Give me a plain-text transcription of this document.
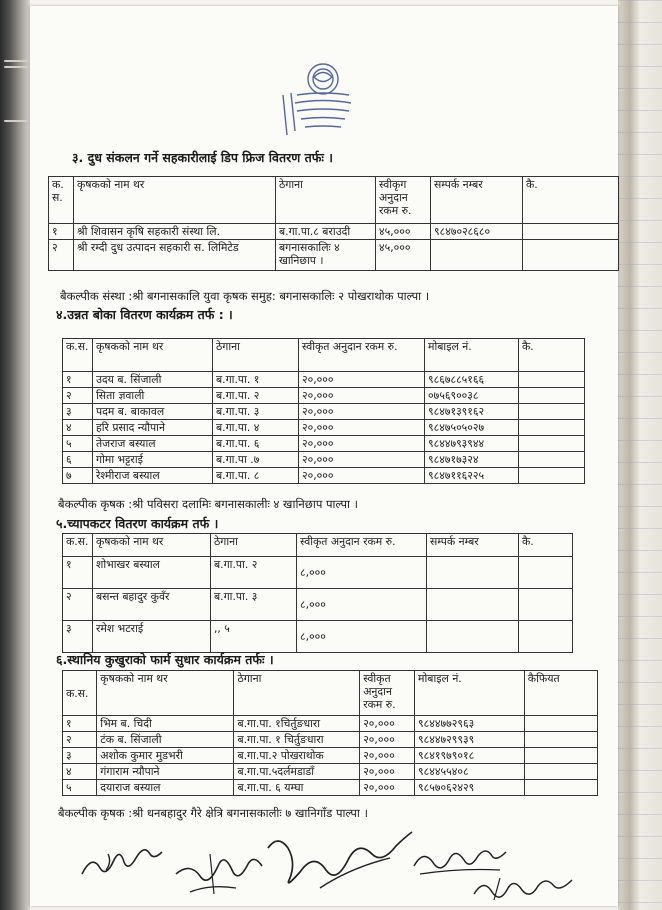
३. दुध संकलन गर्ने सहकारीलाई डिप फ्रिज वितरण तर्फः ।
क. स.	कृषकको नाम थर	ठेगाना	स्वीकृग अनुदान रकम रु.	सम्पर्क नम्बर	कै.
१	श्री शिवासन कृषि सहकारी संस्था लि.	ब.गा.पा.८ बराउदी	४५,०००	९८४७०२८६८०	
२	श्री रम्दी दुध उत्पादन सहकारी स. लिमिटेड	बगनासकालिः ४ खानिछाप ।	४५,०००		
बैकल्पीक संस्था :श्री बगनासकालि युवा कृषक समुह: बगनासकालिः २ पोखराथोक पाल्पा ।
४.उन्नत बोका वितरण कार्यक्रम तर्फ : ।
क.स.	कृषकको नाम थर	ठेगाना	स्वीकृत अनुदान रकम रु.	मोबाइल नं.	कै.
१	उदय ब. सिंजाली	ब.गा.पा. १	२०,०००	९८६७८८५१६६	
२	सिता ज्ञवाली	ब.गा.पा. २	२०,०००	०७५६९००३८	
३	पदम ब. बाकावल	ब.गा.पा. ३	२०,०००	९८४७१३९१६२	
४	हरि प्रसाद न्यौपाने	ब.गा.पा. ४	२०,०००	९८४७५०५०२७	
५	तेजराज बस्याल	ब.गा.पा. ६	२०,०००	९८४४७९३९४४	
६	गोमा भट्टराई	ब.गा.पा .७	२०,०००	९८४७१७३२४	
७	रेश्मीराज बस्याल	ब.गा.पा. ८	२०,०००	९८४७११६२२५	
बैकल्पीक कृषक :श्री पविसरा दलामिः बगनासकालीः ४ खानिछाप पाल्पा ।
५.च्यापकटर वितरण कार्यक्रम तर्फ ।
क.स.	कृषकको नाम थर	ठेगाना	स्वीकृत अनुदान रकम रु.	सम्पर्क नम्बर	कै.
१	शोभाखर बस्याल	ब.गा.पा. २	८,०००		
२	बसन्त बहादुर कुवँर	ब.गा.पा. ३	८,०००		
३	रमेश भटराई	,, ५	८,०००		
६.स्थानिय कुखुराको फार्म सुधार कार्यक्रम तर्फः ।
क.स.	कृषकको नाम थर	ठेगाना	स्वीकृत अनुदान रकम रु.	मोबाइल नं.	कैफियत
१	भिम ब. चिदी	ब.गा.पा. १चिर्तुङधारा	२०,०००	९८४४७७२९६३	
२	टंक ब. सिंजाली	ब.गा.पा. १ चिर्तुङधारा	२०,०००	९८४४७२९९३९	
३	अशोक कुमार मुडभरी	ब.गा.पा.२ पोखराथोक	२०,०००	९८४१९७९०१८	
४	गंगाराम न्यौपाने	ब.गा.पा.५दर्लमडाडाँ	२०,०००	९८४४५५४०८	
५	दयाराज बस्याल	ब.गा.पा. ६ यम्घा	२०,०००	९८५७०६२४२९	
बैकल्पीक कृषक :श्री धनबहादुर गैरे क्षेत्रि बगनासकालीः ७ खानिगाँड पाल्पा ।
